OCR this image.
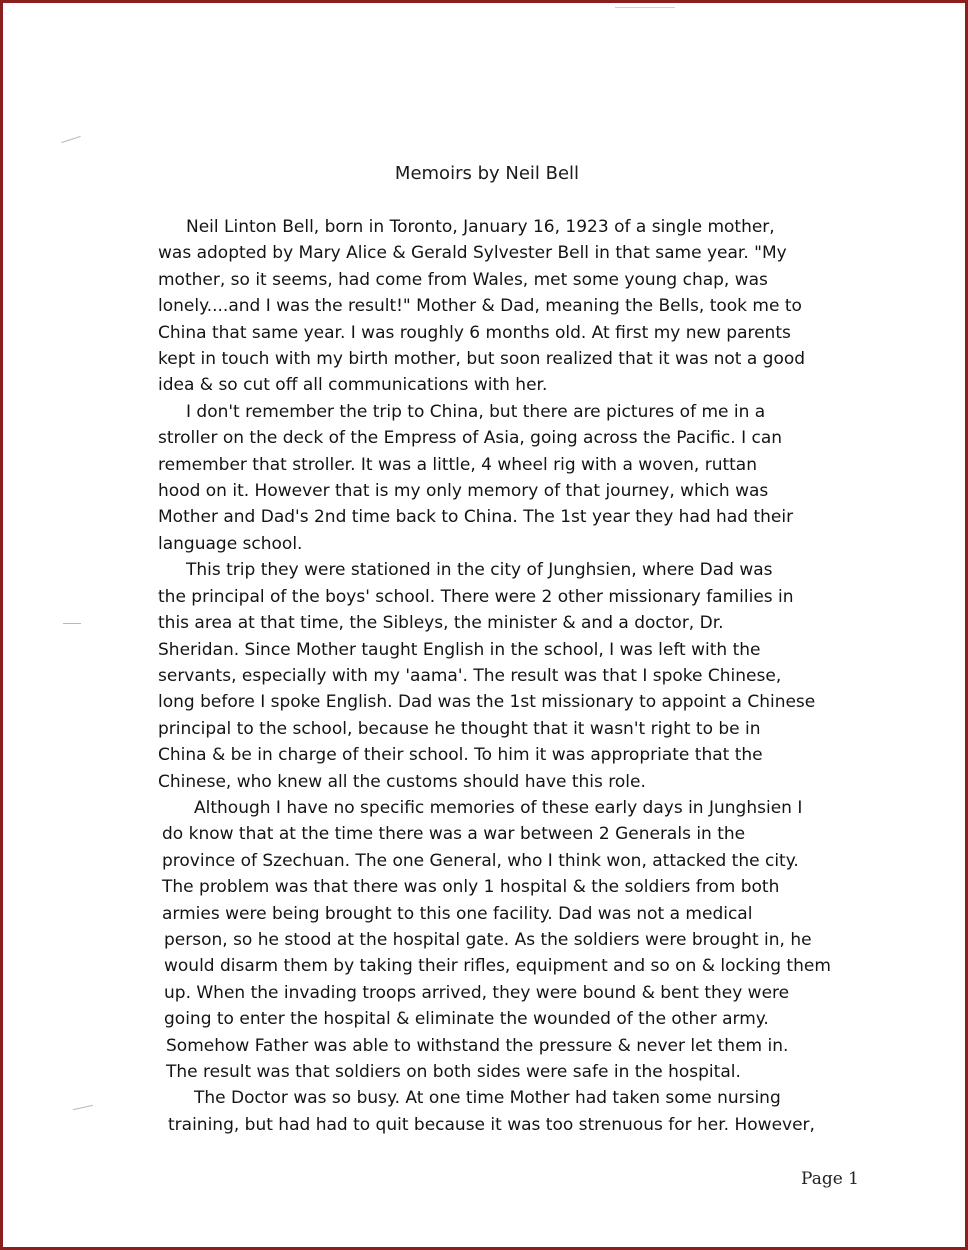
Memoirs by Neil Bell
Neil Linton Bell, born in Toronto, January 16, 1923 of a single mother,
was adopted by Mary Alice & Gerald Sylvester Bell in that same year. "My
mother, so it seems, had come from Wales, met some young chap, was
lonely....and I was the result!" Mother & Dad, meaning the Bells, took me to
China that same year. I was roughly 6 months old. At first my new parents
kept in touch with my birth mother, but soon realized that it was not a good
idea & so cut off all communications with her.
I don't remember the trip to China, but there are pictures of me in a
stroller on the deck of the Empress of Asia, going across the Pacific. I can
remember that stroller. It was a little, 4 wheel rig with a woven, ruttan
hood on it. However that is my only memory of that journey, which was
Mother and Dad's 2nd time back to China. The 1st year they had had their
language school.
This trip they were stationed in the city of Junghsien, where Dad was
the principal of the boys' school. There were 2 other missionary families in
this area at that time, the Sibleys, the minister & and a doctor, Dr.
Sheridan. Since Mother taught English in the school, I was left with the
servants, especially with my 'aama'. The result was that I spoke Chinese,
long before I spoke English. Dad was the 1st missionary to appoint a Chinese
principal to the school, because he thought that it wasn't right to be in
China & be in charge of their school. To him it was appropriate that the
Chinese, who knew all the customs should have this role.
Although I have no specific memories of these early days in Junghsien I
do know that at the time there was a war between 2 Generals in the
province of Szechuan. The one General, who I think won, attacked the city.
The problem was that there was only 1 hospital & the soldiers from both
armies were being brought to this one facility. Dad was not a medical
person, so he stood at the hospital gate. As the soldiers were brought in, he
would disarm them by taking their rifles, equipment and so on & locking them
up. When the invading troops arrived, they were bound & bent they were
going to enter the hospital & eliminate the wounded of the other army.
Somehow Father was able to withstand the pressure & never let them in.
The result was that soldiers on both sides were safe in the hospital.
The Doctor was so busy. At one time Mother had taken some nursing
training, but had had to quit because it was too strenuous for her. However,
Page 1
